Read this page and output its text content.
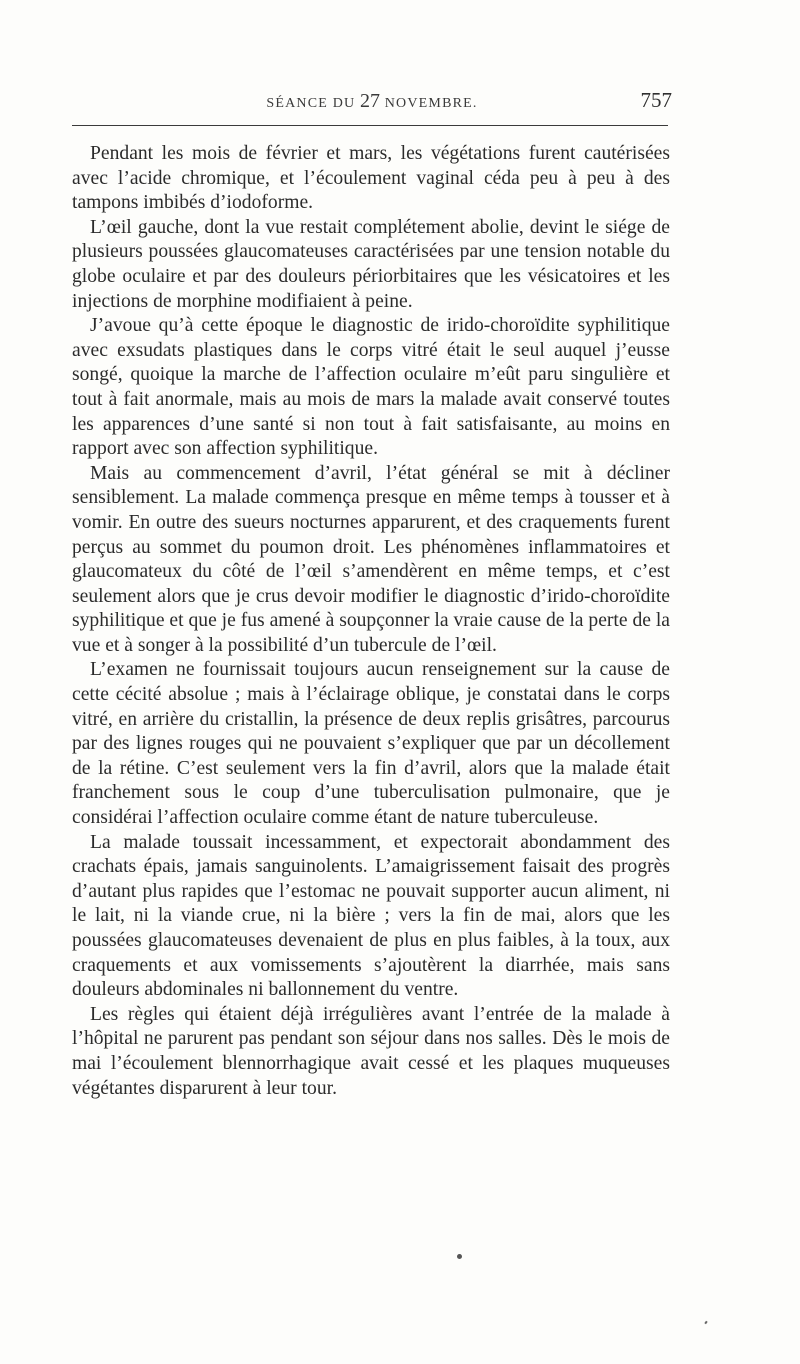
SÉANCE DU 27 NOVEMBRE.	757

Pendant les mois de février et mars, les végétations furent cautérisées avec l’acide chromique, et l’écoulement vaginal céda peu à peu à des tampons imbibés d’iodoforme.

L’œil gauche, dont la vue restait complétement abolie, devint le siége de plusieurs poussées glaucomateuses caractérisées par une tension notable du globe oculaire et par des douleurs périorbitaires que les vésicatoires et les injections de morphine modifiaient à peine.

J’avoue qu’à cette époque le diagnostic de irido-choroïdite syphilitique avec exsudats plastiques dans le corps vitré était le seul auquel j’eusse songé, quoique la marche de l’affection oculaire m’eût paru singulière et tout à fait anormale, mais au mois de mars la malade avait conservé toutes les apparences d’une santé si non tout à fait satisfaisante, au moins en rapport avec son affection syphilitique.

Mais au commencement d’avril, l’état général se mit à décliner sensiblement. La malade commença presque en même temps à tousser et à vomir. En outre des sueurs nocturnes apparurent, et des craquements furent perçus au sommet du poumon droit. Les phénomènes inflammatoires et glaucomateux du côté de l’œil s’amendèrent en même temps, et c’est seulement alors que je crus devoir modifier le diagnostic d’irido-choroïdite syphilitique et que je fus amené à soupçonner la vraie cause de la perte de la vue et à songer à la possibilité d’un tubercule de l’œil.

L’examen ne fournissait toujours aucun renseignement sur la cause de cette cécité absolue ; mais à l’éclairage oblique, je constatai dans le corps vitré, en arrière du cristallin, la présence de deux replis grisâtres, parcourus par des lignes rouges qui ne pouvaient s’expliquer que par un décollement de la rétine. C’est seulement vers la fin d’avril, alors que la malade était franchement sous le coup d’une tuberculisation pulmonaire, que je considérai l’affection oculaire comme étant de nature tuberculeuse.

La malade toussait incessamment, et expectorait abondamment des crachats épais, jamais sanguinolents. L’amaigrissement faisait des progrès d’autant plus rapides que l’estomac ne pouvait supporter aucun aliment, ni le lait, ni la viande crue, ni la bière ; vers la fin de mai, alors que les poussées glaucomateuses devenaient de plus en plus faibles, à la toux, aux craquements et aux vomissements s’ajoutèrent la diarrhée, mais sans douleurs abdominales ni ballonnement du ventre.

Les règles qui étaient déjà irrégulières avant l’entrée de la malade à l’hôpital ne parurent pas pendant son séjour dans nos salles. Dès le mois de mai l’écoulement blennorrhagique avait cessé et les plaques muqueuses végétantes disparurent à leur tour.
